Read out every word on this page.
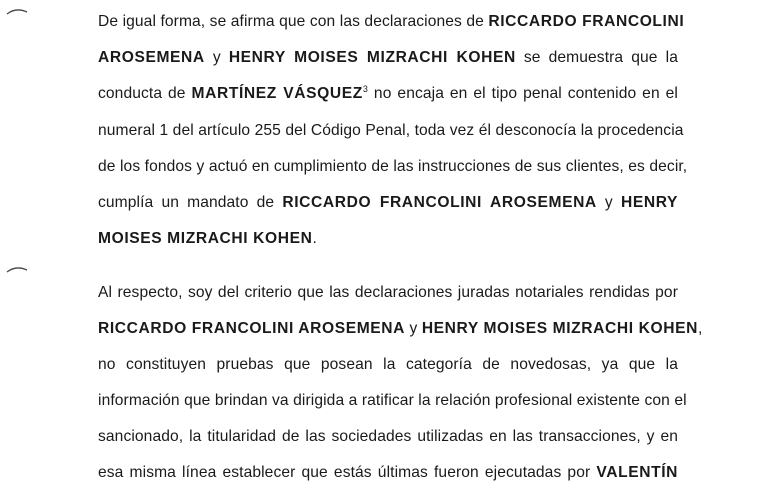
De igual forma, se afirma que con las declaraciones de RICCARDO FRANCOLINI
AROSEMENA y HENRY MOISES MIZRACHI KOHEN se demuestra que la
conducta de MARTÍNEZ VÁSQUEZ$^3$ no encaja en el tipo penal contenido en el
numeral 1 del artículo 255 del Código Penal, toda vez él desconocía la procedencia
de los fondos y actuó en cumplimiento de las instrucciones de sus clientes, es decir,
cumplía un mandato de RICCARDO FRANCOLINI AROSEMENA y HENRY
MOISES MIZRACHI KOHEN.
Al respecto, soy del criterio que las declaraciones juradas notariales rendidas por
RICCARDO FRANCOLINI AROSEMENA y HENRY MOISES MIZRACHI KOHEN,
no constituyen pruebas que posean la categoría de novedosas, ya que la
información que brindan va dirigida a ratificar la relación profesional existente con el
sancionado, la titularidad de las sociedades utilizadas en las transacciones, y en
esa misma línea establecer que estás últimas fueron ejecutadas por VALENTÍN
